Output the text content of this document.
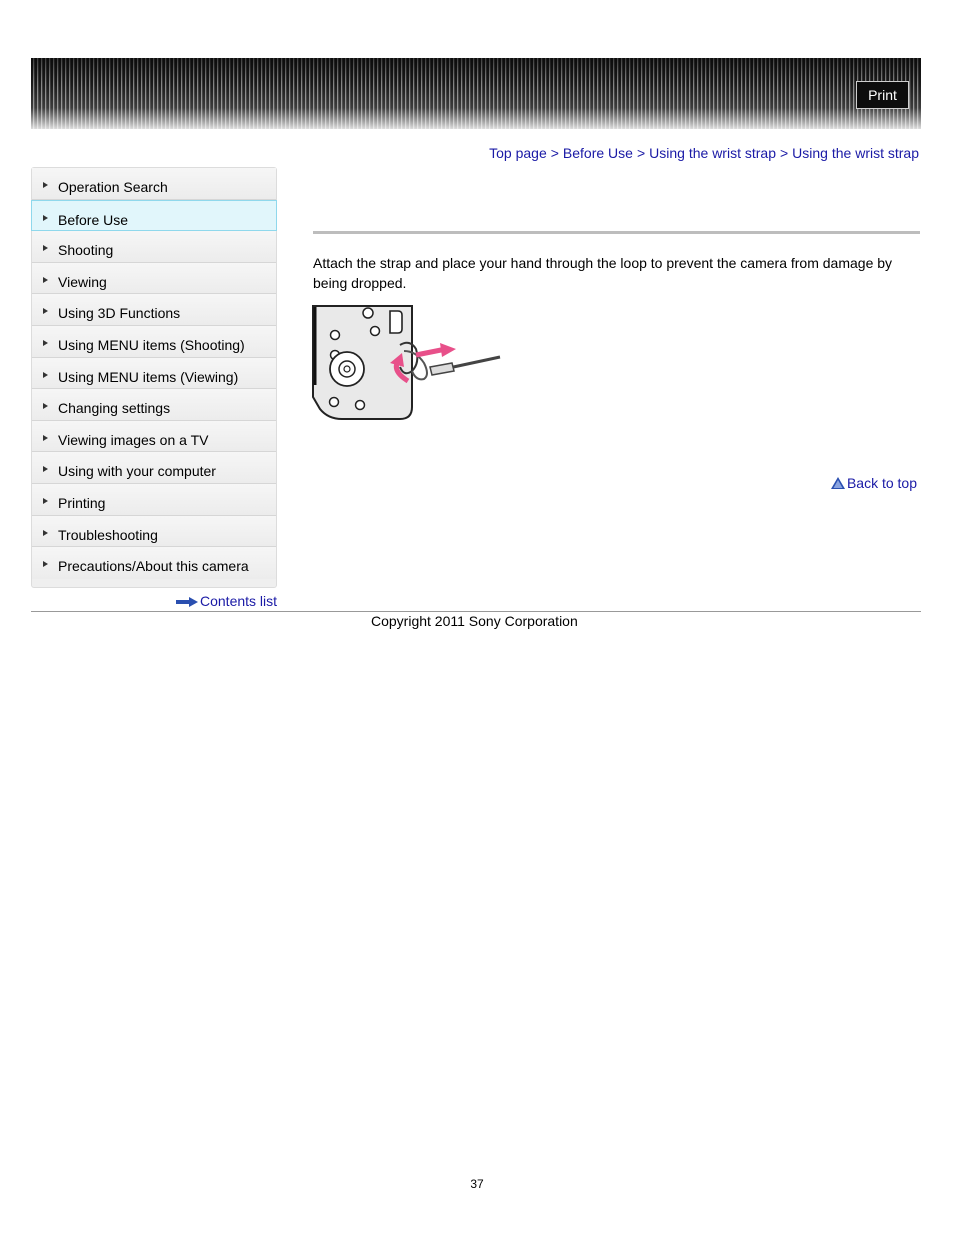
Print
Top page > Before Use > Using the wrist strap > Using the wrist strap
Operation Search
Before Use
Shooting
Viewing
Using 3D Functions
Using MENU items (Shooting)
Using MENU items (Viewing)
Changing settings
Viewing images on a TV
Using with your computer
Printing
Troubleshooting
Precautions/About this camera
Contents list
Attach the strap and place your hand through the loop to prevent the camera from damage by being dropped.
Back to top
Copyright 2011 Sony Corporation
37
